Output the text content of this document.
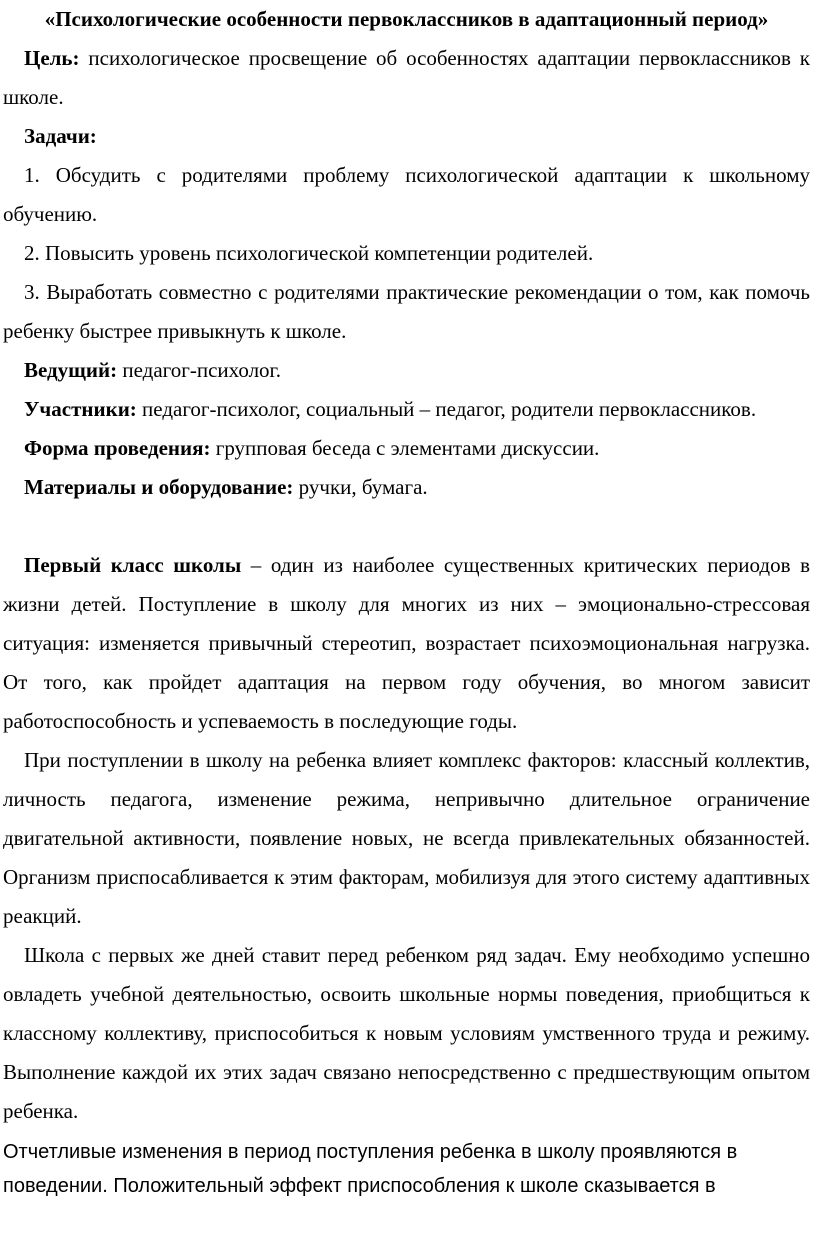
«Психологические особенности первоклассников в адаптационный период»

Цель: психологическое просвещение об особенностях адаптации первоклассников к школе.

Задачи:

1. Обсудить с родителями проблему психологической адаптации к школьному обучению.

2. Повысить уровень психологической компетенции родителей.

3. Выработать совместно с родителями практические рекомендации о том, как помочь ребенку быстрее привыкнуть к школе.

Ведущий: педагог-психолог.

Участники: педагог-психолог, социальный – педагог, родители первоклассников.

Форма проведения: групповая беседа с элементами дискуссии.

Материалы и оборудование: ручки, бумага.

Первый класс школы – один из наиболее существенных критических периодов в жизни детей. Поступление в школу для многих из них – эмоционально-стрессовая ситуация: изменяется привычный стереотип, возрастает психоэмоциональная нагрузка. От того, как пройдет адаптация на первом году обучения, во многом зависит работоспособность и успеваемость в последующие годы.

При поступлении в школу на ребенка влияет комплекс факторов: классный коллектив, личность педагога, изменение режима, непривычно длительное ограничение двигательной активности, появление новых, не всегда привлекательных обязанностей. Организм приспосабливается к этим факторам, мобилизуя для этого систему адаптивных реакций.

Школа с первых же дней ставит перед ребенком ряд задач. Ему необходимо успешно овладеть учебной деятельностью, освоить школьные нормы поведения, приобщиться к классному коллективу, приспособиться к новым условиям умственного труда и режиму. Выполнение каждой их этих задач связано непосредственно с предшествующим опытом ребенка.

Отчетливые изменения в период поступления ребенка в школу проявляются в поведении. Положительный эффект приспособления к школе сказывается в
